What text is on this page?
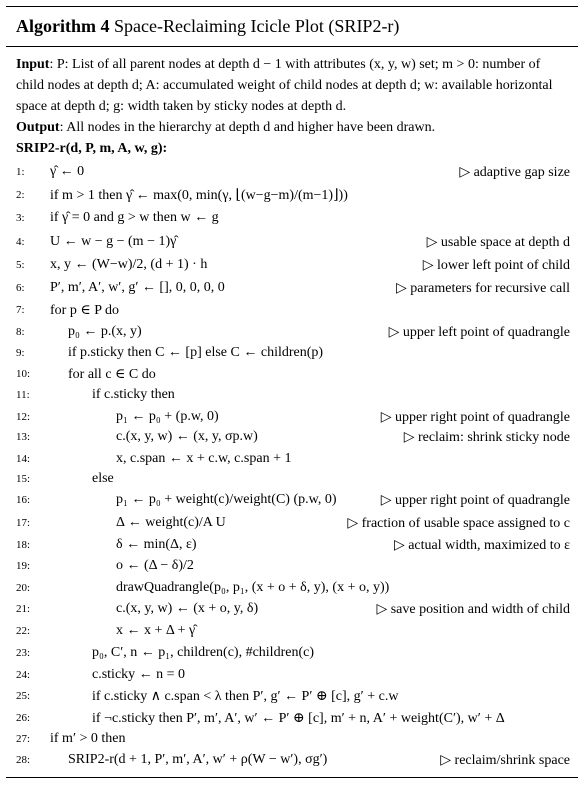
Algorithm 4 Space-Reclaiming Icicle Plot (SRIP2-r)
Input: P: List of all parent nodes at depth d − 1 with attributes (x, y, w) set; m > 0: number of child nodes at depth d; A: accumulated weight of child nodes at depth d; w: available horizontal space at depth d; g: width taken by sticky nodes at depth d.
Output: All nodes in the hierarchy at depth d and higher have been drawn.
SRIP2-r(d, P, m, A, w, g):
1:	γ̂ ← 0	▷ adaptive gap size
2:	if m > 1 then γ̂ ← max(0, min(γ, ⌊(w−g−m)/(m−1)⌋))
3:	if γ̂ = 0 and g > w then w ← g
4:	U ← w − g − (m − 1)γ̂	▷ usable space at depth d
5:	x, y ← (W−w)/2, (d + 1) · h	▷ lower left point of child
6:	P′, m′, A′, w′, g′ ← [], 0, 0, 0, 0	▷ parameters for recursive call
7:	for p ∈ P do
8:	p₀ ← p.(x, y)	▷ upper left point of quadrangle
9:	if p.sticky then C ← [p] else C ← children(p)
10:	for all c ∈ C do
11:	if c.sticky then
12:	p₁ ← p₀ + (p.w, 0)	▷ upper right point of quadrangle
13:	c.(x, y, w) ← (x, y, σp.w)	▷ reclaim: shrink sticky node
14:	x, c.span ← x + c.w, c.span + 1
15:	else
16:	p₁ ← p₀ + weight(c)/weight(C) (p.w, 0)	▷ upper right point of quadrangle
17:	Δ ← weight(c)/A U	▷ fraction of usable space assigned to c
18:	δ ← min(Δ, ε)	▷ actual width, maximized to ε
19:	o ← (Δ − δ)/2
20:	drawQuadrangle(p₀, p₁, (x + o + δ, y), (x + o, y))
21:	c.(x, y, w) ← (x + o, y, δ)	▷ save position and width of child
22:	x ← x + Δ + γ̂
23:	p₀, C′, n ← p₁, children(c), #children(c)
24:	c.sticky ← n = 0
25:	if c.sticky ∧ c.span < λ then P′, g′ ← P′ ⊕ [c], g′ + c.w
26:	if ¬c.sticky then P′, m′, A′, w′ ← P′ ⊕ [c], m′ + n, A′ + weight(C′), w′ + Δ
27:	if m′ > 0 then
28:	SRIP2-r(d + 1, P′, m′, A′, w′ + ρ(W − w′), σg′)	▷ reclaim/shrink space
